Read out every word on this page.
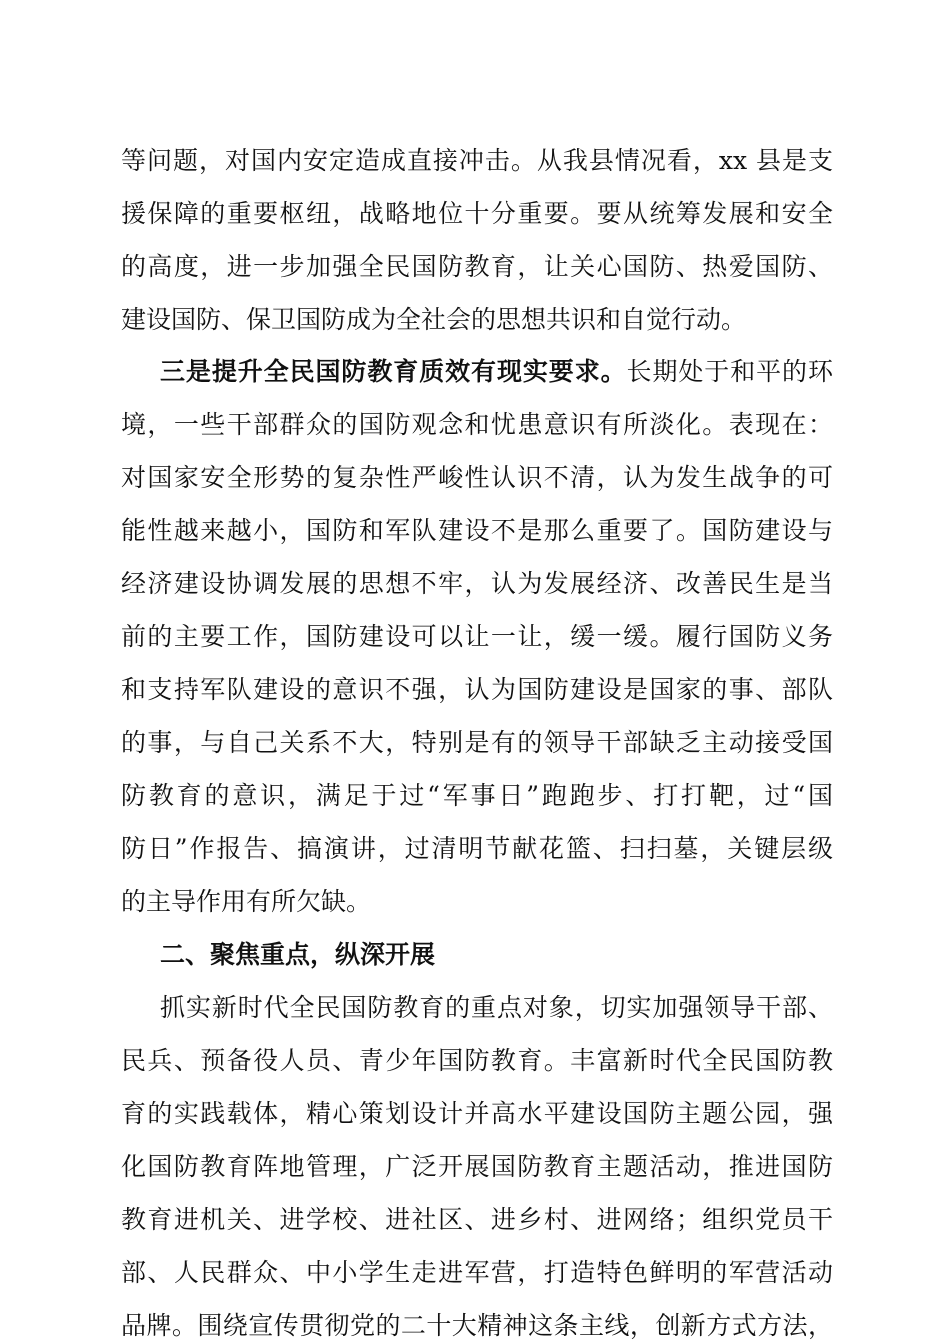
等问题，对国内安定造成直接冲击。从我县情况看，xx 县是支
援保障的重要枢纽，战略地位十分重要。要从统筹发展和安全
的高度，进一步加强全民国防教育，让关心国防、热爱国防、
建设国防、保卫国防成为全社会的思想共识和自觉行动。
三是提升全民国防教育质效有现实要求。长期处于和平的环
境，一些干部群众的国防观念和忧患意识有所淡化。表现在：
对国家安全形势的复杂性严峻性认识不清，认为发生战争的可
能性越来越小，国防和军队建设不是那么重要了。国防建设与
经济建设协调发展的思想不牢，认为发展经济、改善民生是当
前的主要工作，国防建设可以让一让，缓一缓。履行国防义务
和支持军队建设的意识不强，认为国防建设是国家的事、部队
的事，与自己关系不大，特别是有的领导干部缺乏主动接受国
防教育的意识，满足于过“军事日”跑跑步、打打靶，过“国
防日”作报告、搞演讲，过清明节献花篮、扫扫墓，关键层级
的主导作用有所欠缺。
二、聚焦重点，纵深开展
抓实新时代全民国防教育的重点对象，切实加强领导干部、
民兵、预备役人员、青少年国防教育。丰富新时代全民国防教
育的实践载体，精心策划设计并高水平建设国防主题公园，强
化国防教育阵地管理，广泛开展国防教育主题活动，推进国防
教育进机关、进学校、进社区、进乡村、进网络；组织党员干
部、人民群众、中小学生走进军营，打造特色鲜明的军营活动
品牌。围绕宣传贯彻党的二十大精神这条主线，创新方式方法，
